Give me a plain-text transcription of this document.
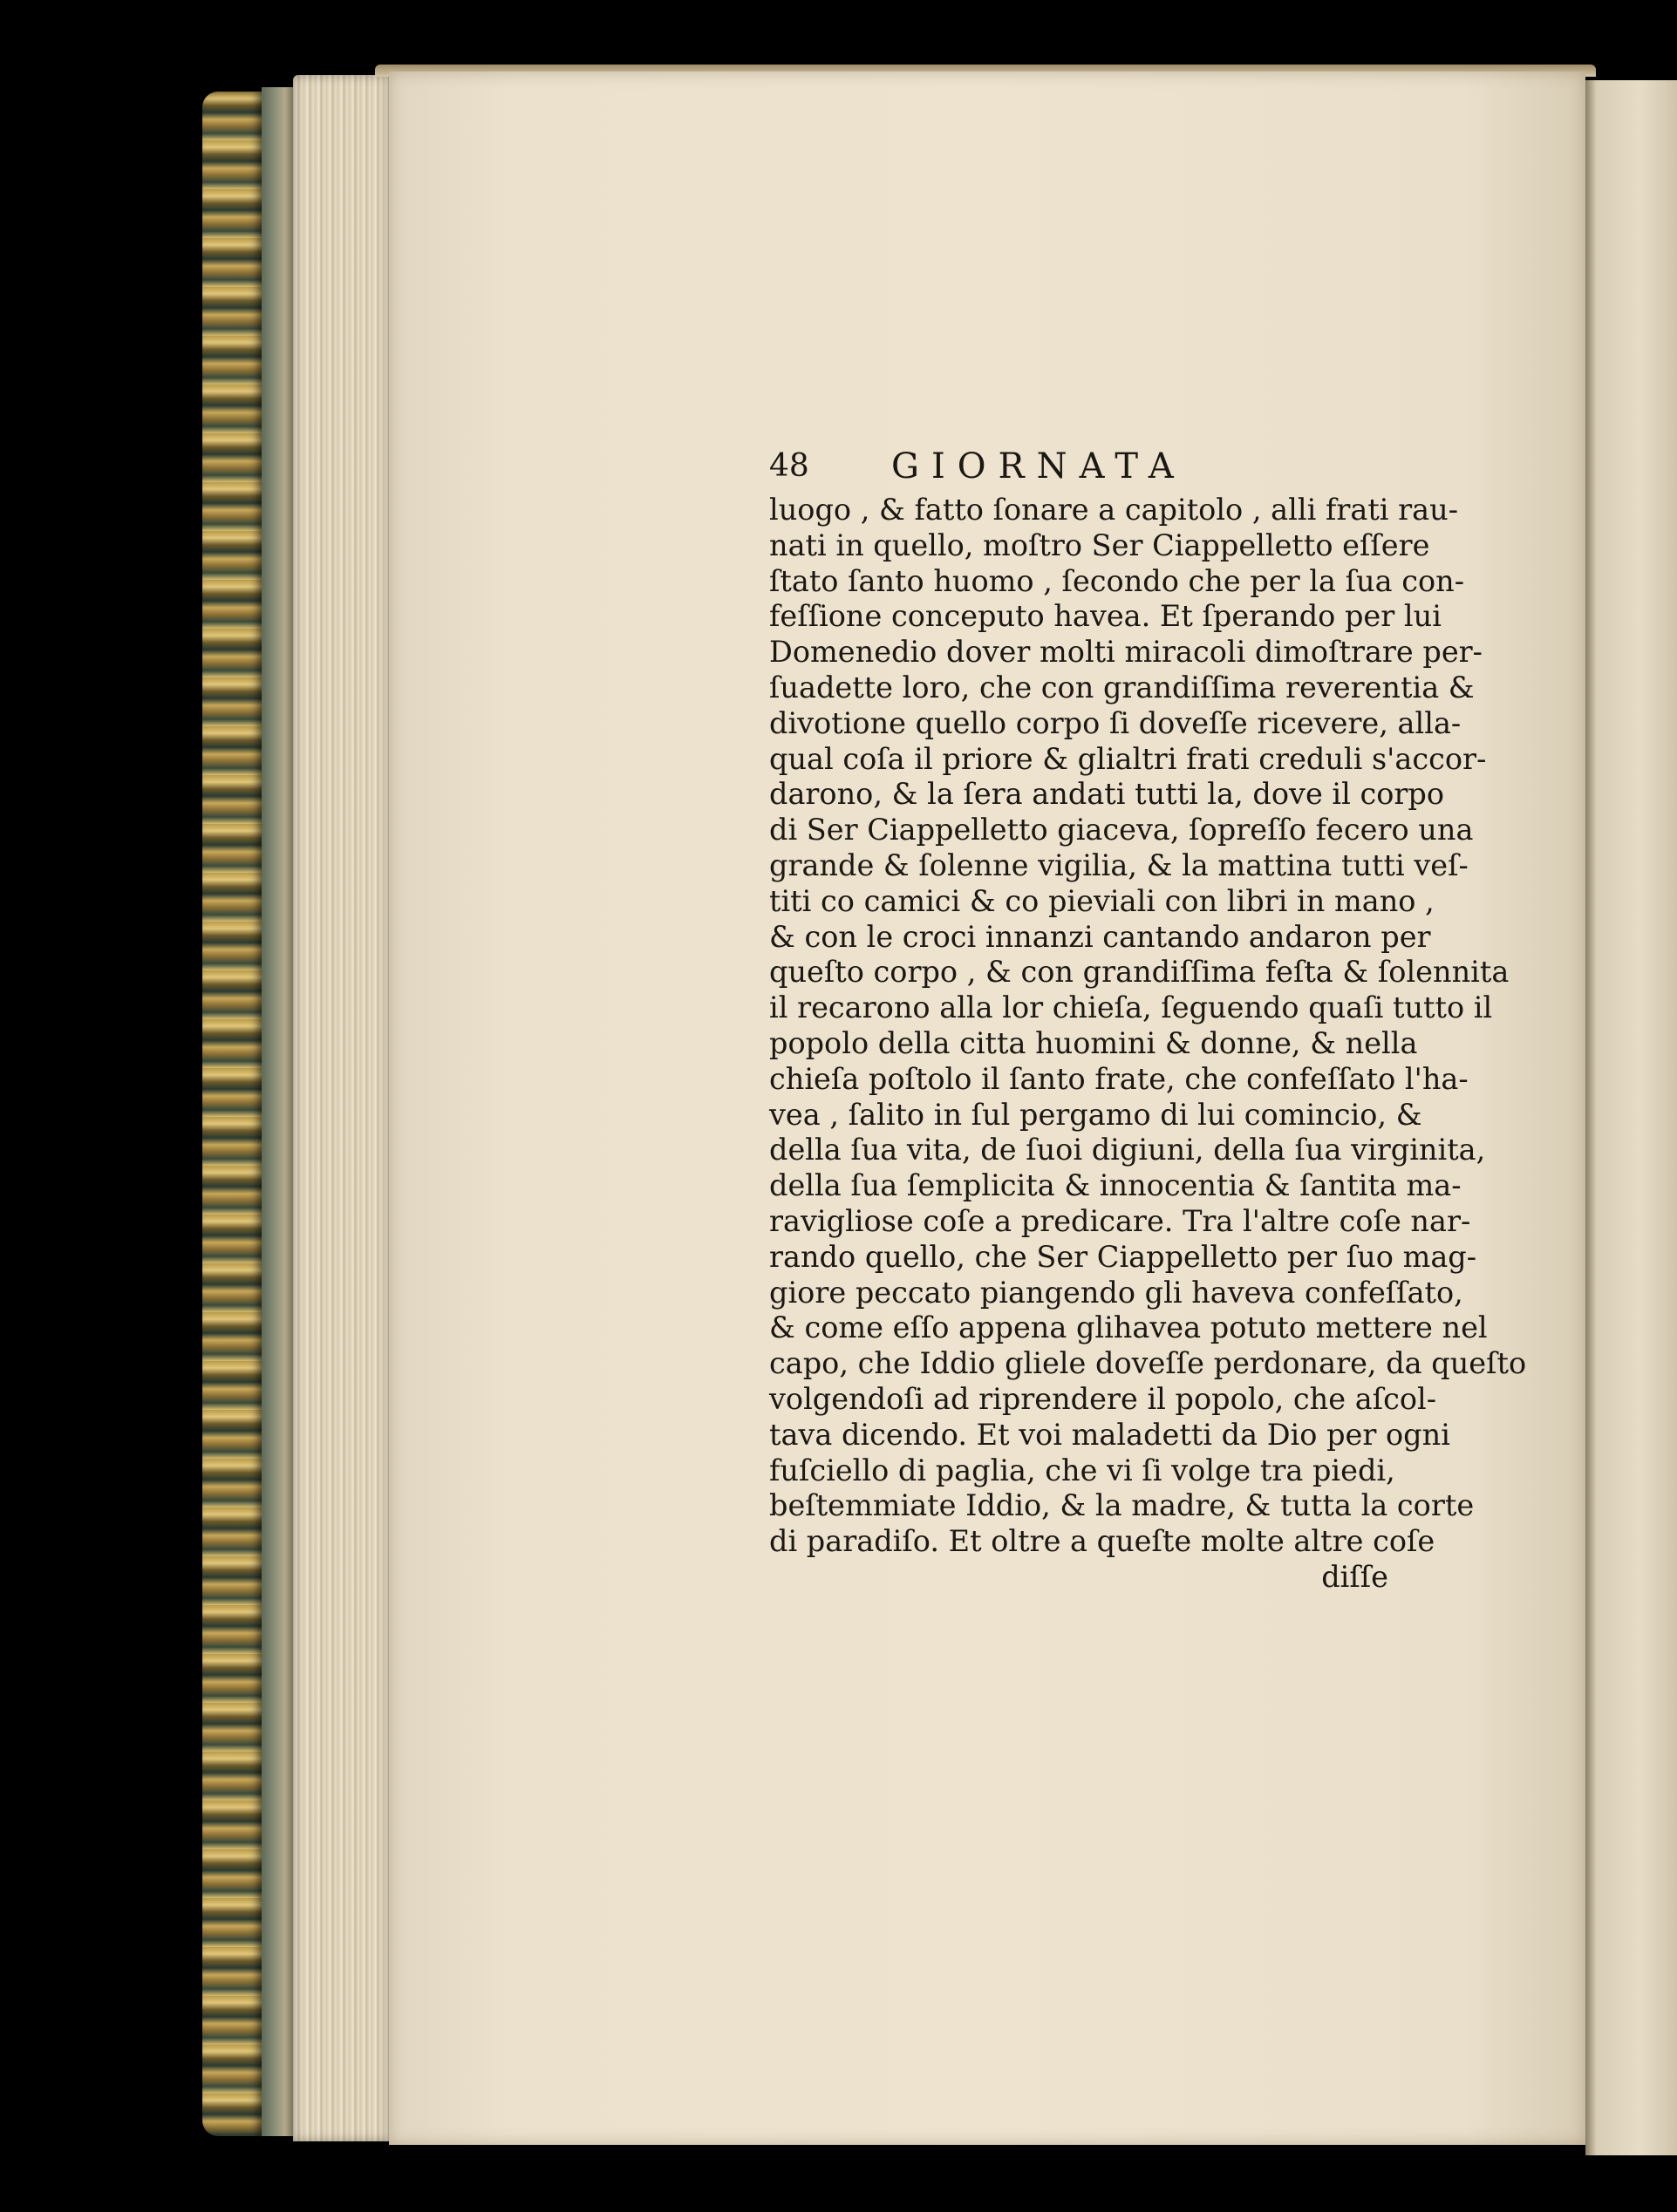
48 GIORNATA
luogo , & fatto ſonare a capitolo , alli frati rau-
nati in quello, moſtro Ser Ciappelletto eſſere
ſtato ſanto huomo , ſecondo che per la ſua con-
feſſione conceputo havea. Et ſperando per lui
Domenedio dover molti miracoli dimoſtrare per-
ſuadette loro, che con grandiſſima reverentia &
divotione quello corpo ſi doveſſe ricevere, alla-
qual coſa il priore & glialtri frati creduli s'accor-
darono, & la ſera andati tutti la, dove il corpo
di Ser Ciappelletto giaceva, ſopreſſo fecero una
grande & ſolenne vigilia, & la mattina tutti veſ-
titi co camici & co pieviali con libri in mano ,
& con le croci innanzi cantando andaron per
queſto corpo , & con grandiſſima feſta & ſolennita
il recarono alla lor chieſa, ſeguendo quaſi tutto il
popolo della citta huomini & donne, & nella
chieſa poſtolo il ſanto frate, che confeſſato l'ha-
vea , ſalito in ſul pergamo di lui comincio, &
della ſua vita, de ſuoi digiuni, della ſua virginita,
della ſua ſemplicita & innocentia & ſantita ma-
ravigliose coſe a predicare. Tra l'altre coſe nar-
rando quello, che Ser Ciappelletto per ſuo mag-
giore peccato piangendo gli haveva confeſſato,
& come eſſo appena glihavea potuto mettere nel
capo, che Iddio gliele doveſſe perdonare, da queſto
volgendoſi ad riprendere il popolo, che aſcol-
tava dicendo. Et voi maladetti da Dio per ogni
fuſciello di paglia, che vi ſi volge tra piedi,
beſtemmiate Iddio, & la madre, & tutta la corte
di paradiſo. Et oltre a queſte molte altre coſe
diſſe
